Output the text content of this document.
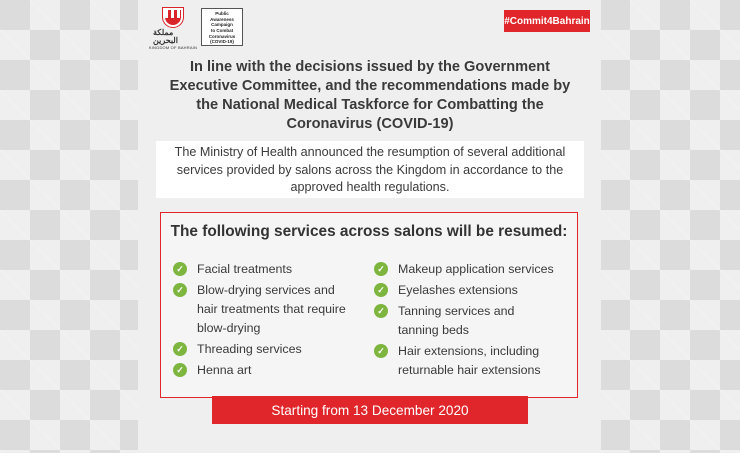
مملكة البحرين
KINGDOM OF BAHRAIN
Public Awareness
Campaign
to Combat
Coronavirus
(COVID-19)
#Commit4Bahrain
In line with the decisions issued by the Government
Executive Committee, and the recommendations made by
the National Medical Taskforce for Combatting the
Coronavirus (COVID-19)
The Ministry of Health announced the resumption of several additional
services provided by salons across the Kingdom in accordance to the
approved health regulations.
The following services across salons will be resumed:
✓ Facial treatments
✓ Blow-drying services and
hair treatments that require
blow-drying
✓ Threading services
✓ Henna art
✓ Makeup application services
✓ Eyelashes extensions
✓ Tanning services and
tanning beds
✓ Hair extensions, including
returnable hair extensions
Starting from 13 December 2020
